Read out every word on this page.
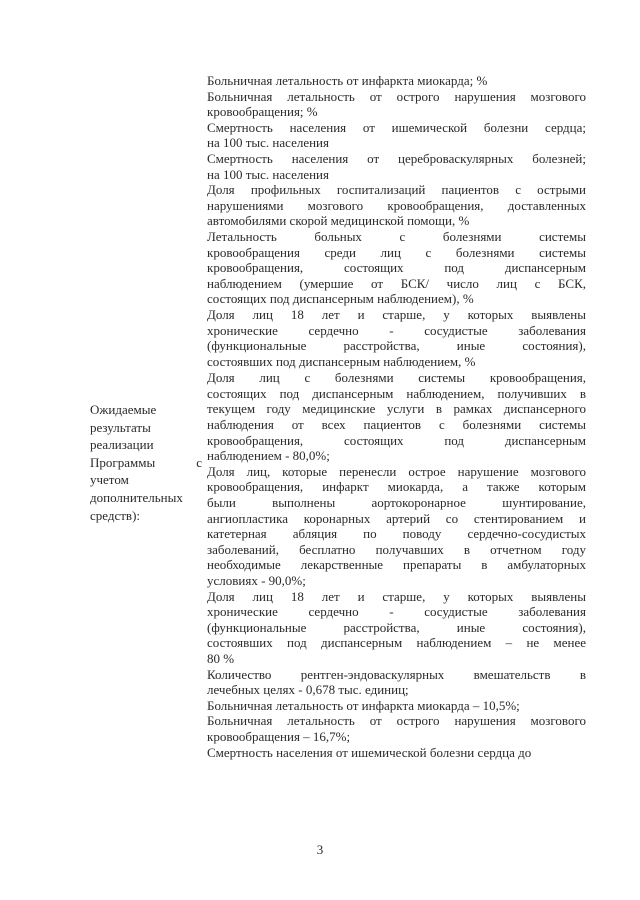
Больничная летальность от инфаркта миокарда; %
Больничная летальность от острого нарушения мозгового
кровообращения; %
Смертность населения от ишемической болезни сердца;
на 100 тыс. населения
Смертность населения от цереброваскулярных болезней;
на 100 тыс. населения
Доля профильных госпитализаций пациентов с острыми
нарушениями мозгового кровообращения, доставленных
автомобилями скорой медицинской помощи, %
Летальность больных с болезнями системы
кровообращения среди лиц с болезнями системы
кровообращения, состоящих под диспансерным
наблюдением (умершие от БСК/ число лиц с БСК,
состоящих под диспансерным наблюдением), %
Доля лиц 18 лет и старше, у которых выявлены
хронические сердечно - сосудистые заболевания
(функциональные расстройства, иные состояния),
состоявших под диспансерным наблюдением, %
Доля лиц с болезнями системы кровообращения,
состоящих под диспансерным наблюдением, получивших в
текущем году медицинские услуги в рамках диспансерного
наблюдения от всех пациентов с болезнями системы
кровообращения, состоящих под диспансерным
наблюдением - 80,0%;
Доля лиц, которые перенесли острое нарушение мозгового
кровообращения, инфаркт миокарда, а также которым
были выполнены аортокоронарное шунтирование,
ангиопластика коронарных артерий со стентированием и
катетерная абляция по поводу сердечно-сосудистых
заболеваний, бесплатно получавших в отчетном году
необходимые лекарственные препараты в амбулаторных
условиях - 90,0%;
Доля лиц 18 лет и старше, у которых выявлены
хронические сердечно - сосудистые заболевания
(функциональные расстройства, иные состояния),
состоявших под диспансерным наблюдением – не менее
80 %
Количество рентген-эндоваскулярных вмешательств в
лечебных целях - 0,678 тыс. единиц;
Больничная летальность от инфаркта миокарда – 10,5%;
Больничная летальность от острого нарушения мозгового
кровообращения – 16,7%;
Смертность населения от ишемической болезни сердца до
Ожидаемые
результаты
реализации
Программы с
учетом
дополнительных
средств):
3
